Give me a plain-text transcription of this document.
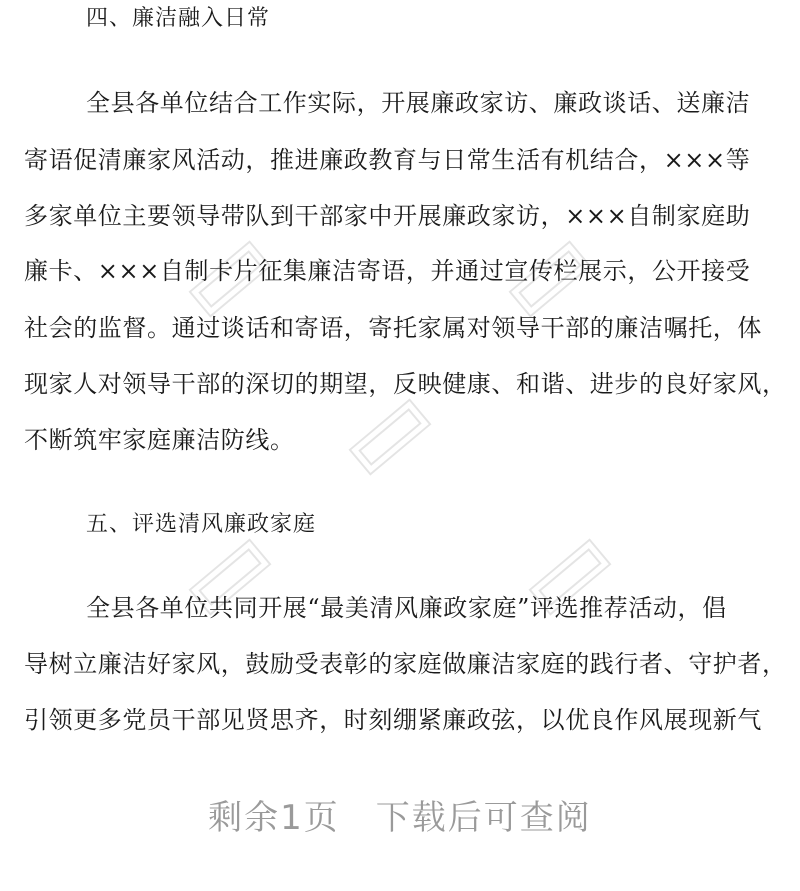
四、廉洁融入日常
全县各单位结合工作实际，开展廉政家访、廉政谈话、送廉洁
寄语促清廉家风活动，推进廉政教育与日常生活有机结合，×××等
多家单位主要领导带队到干部家中开展廉政家访，×××自制家庭助
廉卡、×××自制卡片征集廉洁寄语，并通过宣传栏展示，公开接受
社会的监督。通过谈话和寄语，寄托家属对领导干部的廉洁嘱托，体
现家人对领导干部的深切的期望，反映健康、和谐、进步的良好家风，
不断筑牢家庭廉洁防线。
五、评选清风廉政家庭
全县各单位共同开展“最美清风廉政家庭”评选推荐活动，倡
导树立廉洁好家风，鼓励受表彰的家庭做廉洁家庭的践行者、守护者，
引领更多党员干部见贤思齐，时刻绷紧廉政弦，以优良作风展现新气
剩余1页　下载后可查阅
